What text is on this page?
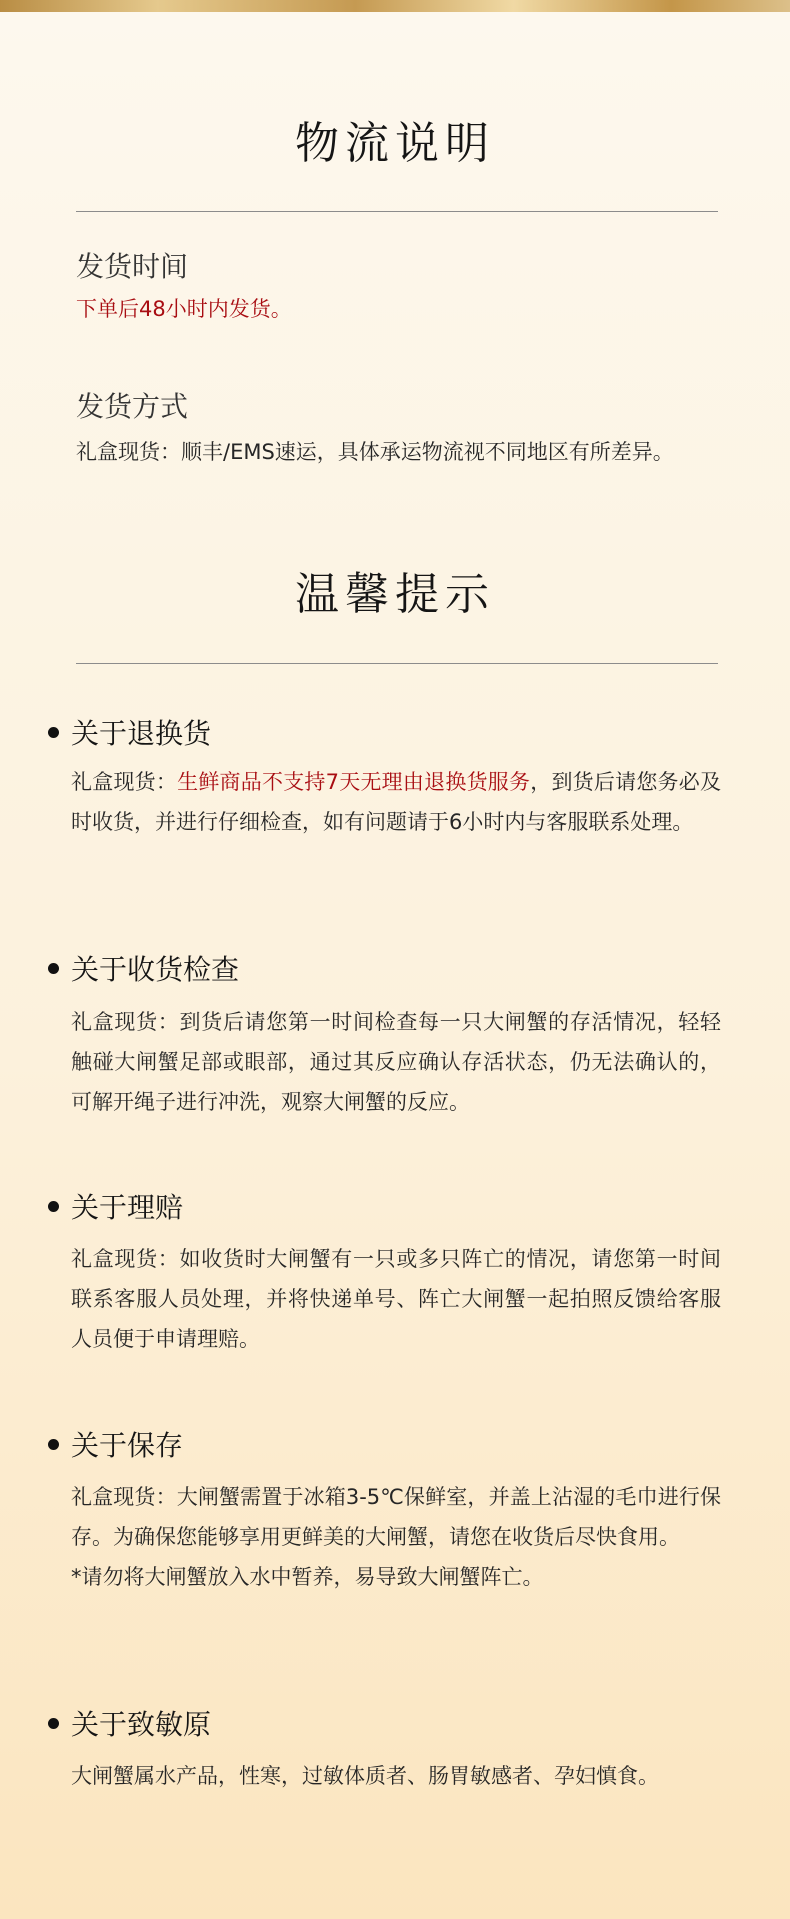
物流说明
发货时间
下单后48小时内发货。
发货方式
礼盒现货：顺丰/EMS速运，具体承运物流视不同地区有所差异。
温馨提示
关于退换货
礼盒现货：生鲜商品不支持7天无理由退换货服务，到货后请您务必及时收货，并进行仔细检查，如有问题请于6小时内与客服联系处理。
关于收货检查
礼盒现货：到货后请您第一时间检查每一只大闸蟹的存活情况，轻轻触碰大闸蟹足部或眼部，通过其反应确认存活状态，仍无法确认的，可解开绳子进行冲洗，观察大闸蟹的反应。
关于理赔
礼盒现货：如收货时大闸蟹有一只或多只阵亡的情况，请您第一时间联系客服人员处理，并将快递单号、阵亡大闸蟹一起拍照反馈给客服人员便于申请理赔。
关于保存
礼盒现货：大闸蟹需置于冰箱3-5℃保鲜室，并盖上沾湿的毛巾进行保存。为确保您能够享用更鲜美的大闸蟹，请您在收货后尽快食用。
*请勿将大闸蟹放入水中暂养，易导致大闸蟹阵亡。
关于致敏原
大闸蟹属水产品，性寒，过敏体质者、肠胃敏感者、孕妇慎食。
